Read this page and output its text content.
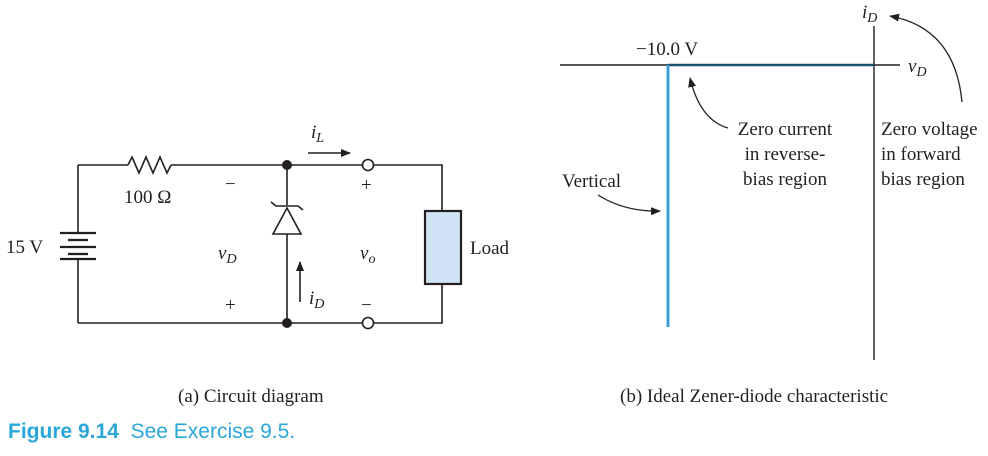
15 V
100 Ω
−
+
$v_D$
$i_L$
$i_D$
+
−
$v_o$
Load
(a) Circuit diagram
−10.0 V
$i_D$
$v_D$
Zero current
in reverse-
bias region
Zero voltage
in forward
bias region
Vertical
(b) Ideal Zener-diode characteristic
Figure 9.14 See Exercise 9.5.
